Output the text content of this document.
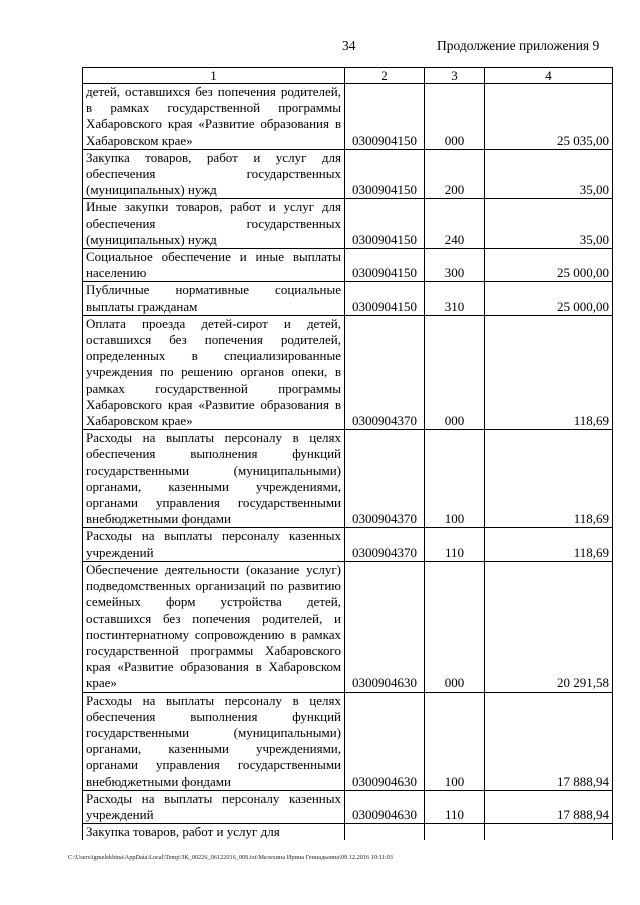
34	Продолжение приложения 9
1	2	3	4
детей, оставшихся без попечения родителей, в рамках государственной программы Хабаровского края «Развитие образования в Хабаровском крае»	0300904150	000	25 035,00
Закупка товаров, работ и услуг для обеспечения государственных (муниципальных) нужд	0300904150	200	35,00
Иные закупки товаров, работ и услуг для обеспечения государственных (муниципальных) нужд	0300904150	240	35,00
Социальное обеспечение и иные выплаты населению	0300904150	300	25 000,00
Публичные нормативные социальные выплаты гражданам	0300904150	310	25 000,00
Оплата проезда детей-сирот и детей, оставшихся без попечения родителей, определенных в специализированные учреждения по решению органов опеки, в рамках государственной программы Хабаровского края «Развитие образования в Хабаровском крае»	0300904370	000	118,69
Расходы на выплаты персоналу в целях обеспечения выполнения функций государственными (муниципальными) органами, казенными учреждениями, органами управления государственными внебюджетными фондами	0300904370	100	118,69
Расходы на выплаты персоналу казенных учреждений	0300904370	110	118,69
Обеспечение деятельности (оказание услуг) подведомственных организаций по развитию семейных форм устройства детей, оставшихся без попечения родителей, и постинтернатному сопровождению в рамках государственной программы Хабаровского края «Развитие образования в Хабаровском крае»	0300904630	000	20 291,58
Расходы на выплаты персоналу в целях обеспечения выполнения функций государственными (муниципальными) органами, казенными учреждениями, органами управления государственными внебюджетными фондами	0300904630	100	17 888,94
Расходы на выплаты персоналу казенных учреждений	0300904630	110	17 888,94
Закупка товаров, работ и услуг для			
C:\Users\igmelekhina\AppData\Local\Temp\ЗК_00226_06122016_009.txt\Мелехина Ирина Геннадьевна\09.12.2016 10:11:03
